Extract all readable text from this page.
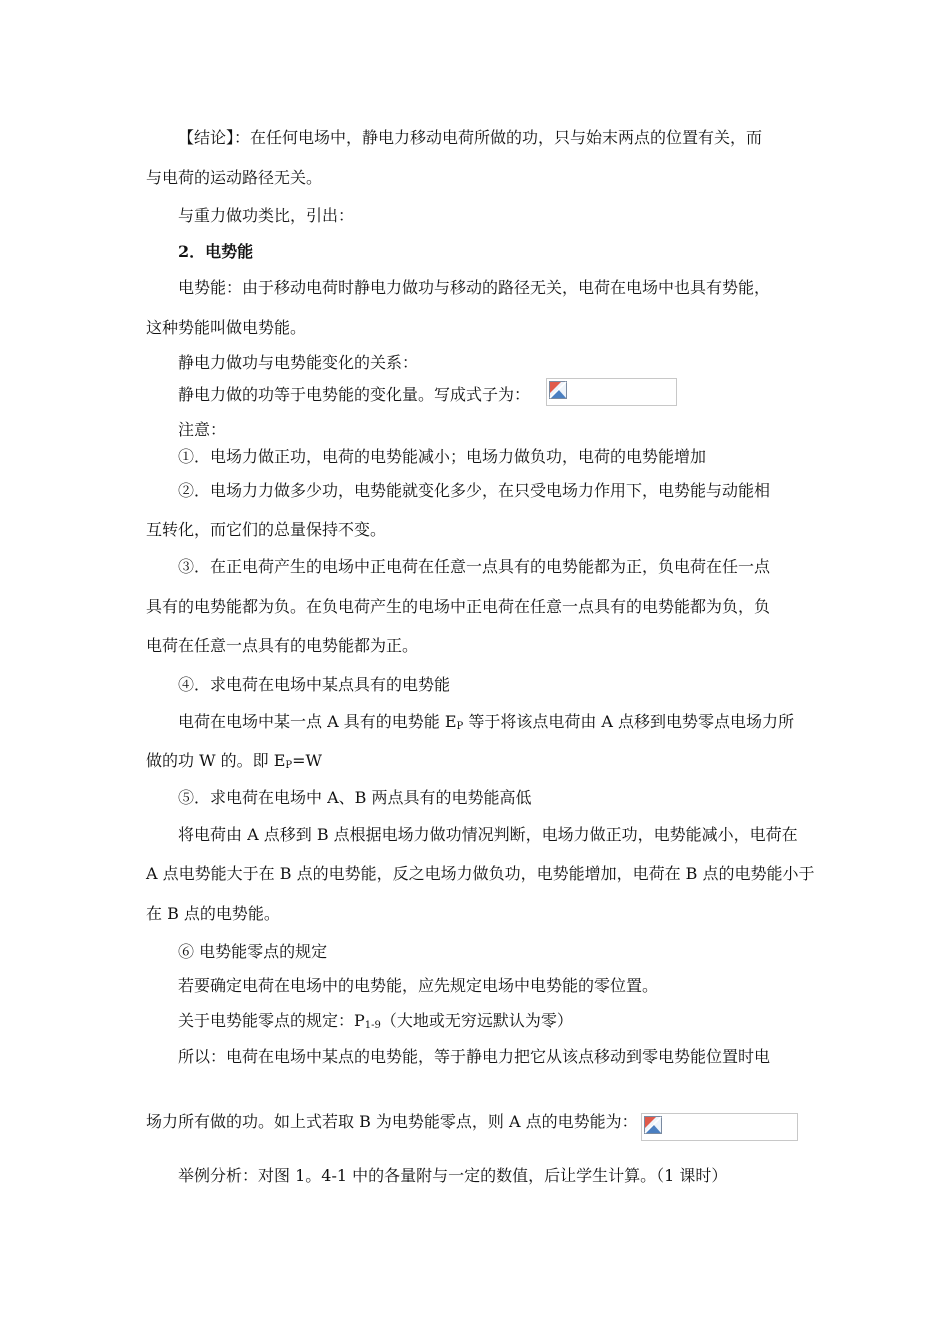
【结论】：在任何电场中，静电力移动电荷所做的功，只与始末两点的位置有关，而
与电荷的运动路径无关。
与重力做功类比，引出：
2．电势能
电势能：由于移动电荷时静电力做功与移动的路径无关，电荷在电场中也具有势能，
这种势能叫做电势能。
静电力做功与电势能变化的关系：
静电力做的功等于电势能的变化量。写成式子为：
注意：
①．电场力做正功，电荷的电势能减小；电场力做负功，电荷的电势能增加
②．电场力力做多少功，电势能就变化多少，在只受电场力作用下，电势能与动能相
互转化，而它们的总量保持不变。
③．在正电荷产生的电场中正电荷在任意一点具有的电势能都为正，负电荷在任一点
具有的电势能都为负。在负电荷产生的电场中正电荷在任意一点具有的电势能都为负，负
电荷在任意一点具有的电势能都为正。
④．求电荷在电场中某点具有的电势能
电荷在电场中某一点 A 具有的电势能 $E_P$ 等于将该点电荷由 A 点移到电势零点电场力所
做的功 W 的。即 $E_P=W$
⑤．求电荷在电场中 A、B 两点具有的电势能高低
将电荷由 A 点移到 B 点根据电场力做功情况判断，电场力做正功，电势能减小，电荷在
A 点电势能大于在 B 点的电势能，反之电场力做负功，电势能增加，电荷在 B 点的电势能小于
在 B 点的电势能。
⑥ 电势能零点的规定
若要确定电荷在电场中的电势能，应先规定电场中电势能的零位置。
关于电势能零点的规定：$P_{1-9}$（大地或无穷远默认为零）
所以：电荷在电场中某点的电势能，等于静电力把它从该点移动到零电势能位置时电
场力所有做的功。如上式若取 B 为电势能零点，则 A 点的电势能为：
举例分析：对图 1。4-1 中的各量附与一定的数值，后让学生计算。（1 课时）
